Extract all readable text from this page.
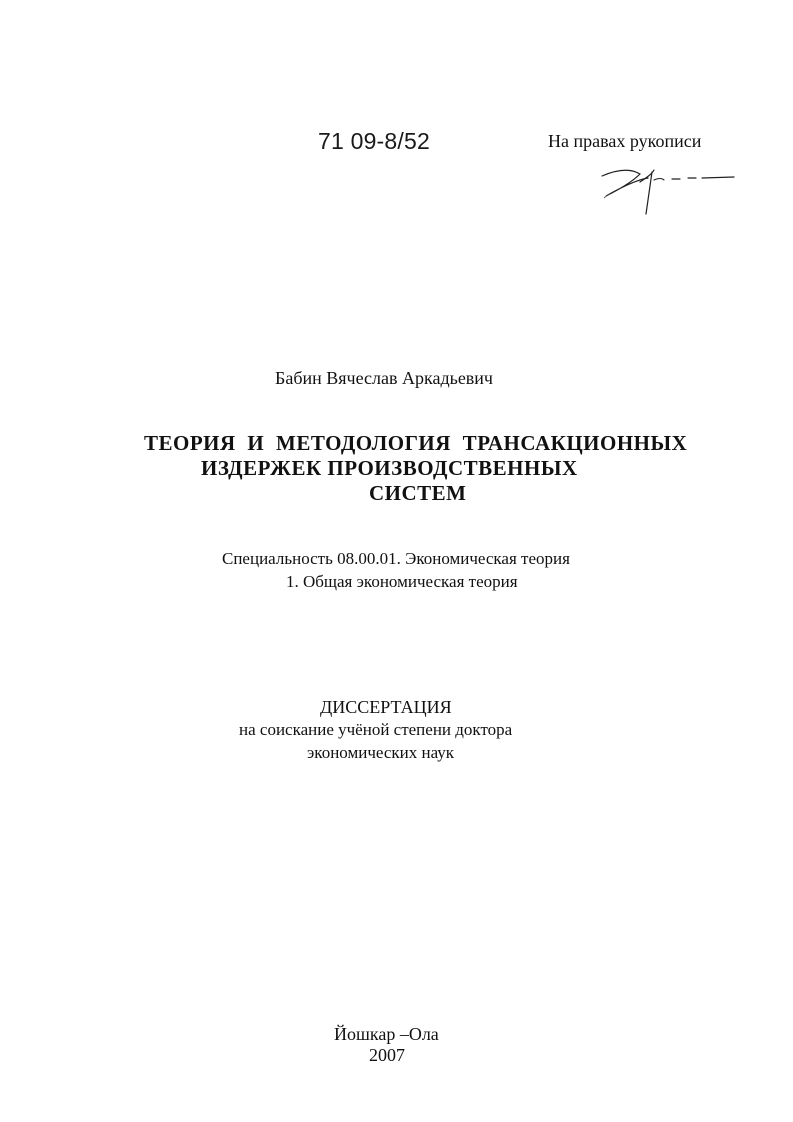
71 09-8/52	На правах рукописи
Бабин Вячеслав Аркадьевич
ТЕОРИЯ И МЕТОДОЛОГИЯ ТРАНСАКЦИОННЫХ
ИЗДЕРЖЕК ПРОИЗВОДСТВЕННЫХ
СИСТЕМ
Специальность 08.00.01. Экономическая теория
1. Общая экономическая теория
ДИССЕРТАЦИЯ
на соискание учёной степени доктора
экономических наук
Йошкар –Ола
2007
